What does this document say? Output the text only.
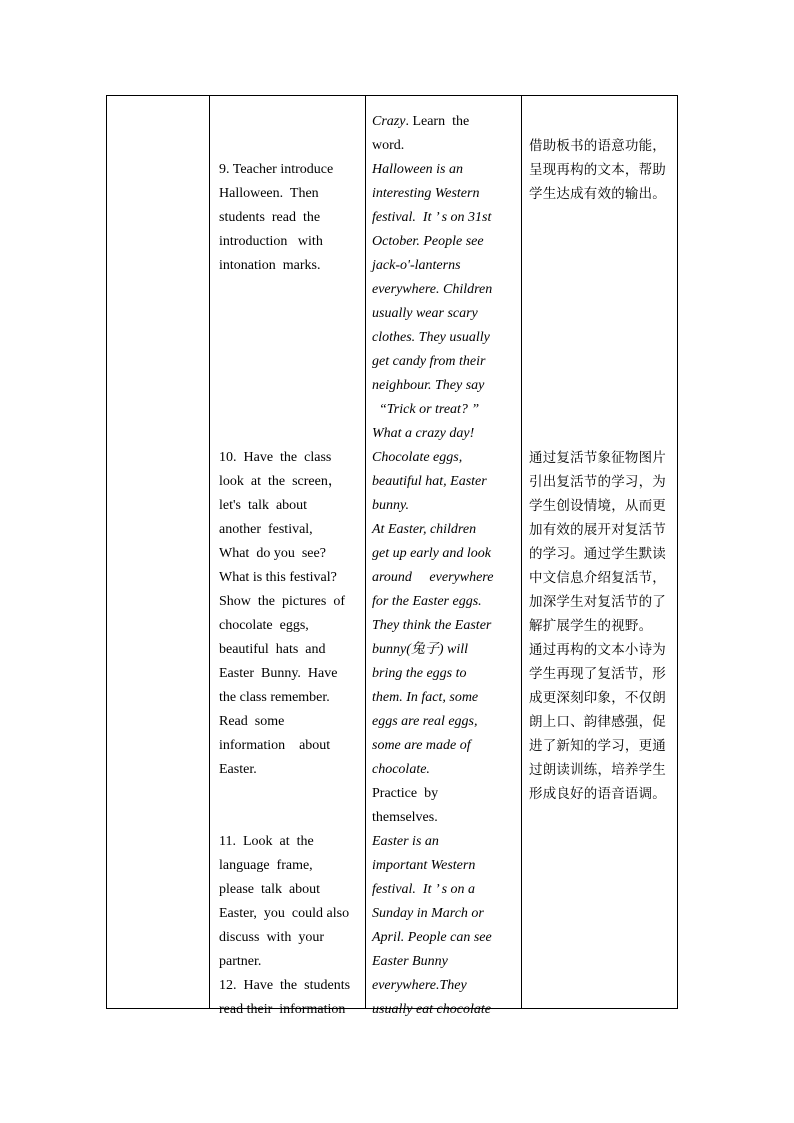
9. Teacher introduce
Halloween.  Then
students  read  the
introduction   with
intonation  marks.
10.  Have  the  class
look  at  the  screen，
let's  talk  about
another  festival,
What  do you  see?
What is this festival?
Show  the  pictures  of
chocolate  eggs,
beautiful  hats  and
Easter  Bunny.  Have
the class remember.
Read  some
information    about
Easter.
11.  Look  at  the
language  frame,
please  talk  about
Easter,  you  could also
discuss  with  your
partner.
12.  Have  the  students
read their  information
Crazy. Learn  the
word.
Halloween is an
interesting Western
festival.  It ’ s on 31st
October. People see
jack-o'-lanterns
everywhere. Children
usually wear scary
clothes. They usually
get candy from their
neighbour. They say
“Trick or treat? ”
What a crazy day!
Chocolate eggs,
beautiful hat, Easter
bunny.
At Easter, children
get up early and look
around     everywhere
for the Easter eggs.
They think the Easter
bunny(兔子) will
bring the eggs to
them. In fact, some
eggs are real eggs,
some are made of
chocolate.
Practice  by
themselves.
Easter is an
important Western
festival.  It ’ s on a
Sunday in March or
April. People can see
Easter Bunny
everywhere.They
usually eat chocolate
借助板书的语意功能，
呈现再构的文本，帮助
学生达成有效的输出。
通过复活节象征物图片
引出复活节的学习，为
学生创设情境，从而更
加有效的展开对复活节
的学习。通过学生默读
中文信息介绍复活节，
加深学生对复活节的了
解扩展学生的视野。
通过再构的文本小诗为
学生再现了复活节，形
成更深刻印象，不仅朗
朗上口、韵律感强，促
进了新知的学习，更通
过朗读训练，培养学生
形成良好的语音语调。
